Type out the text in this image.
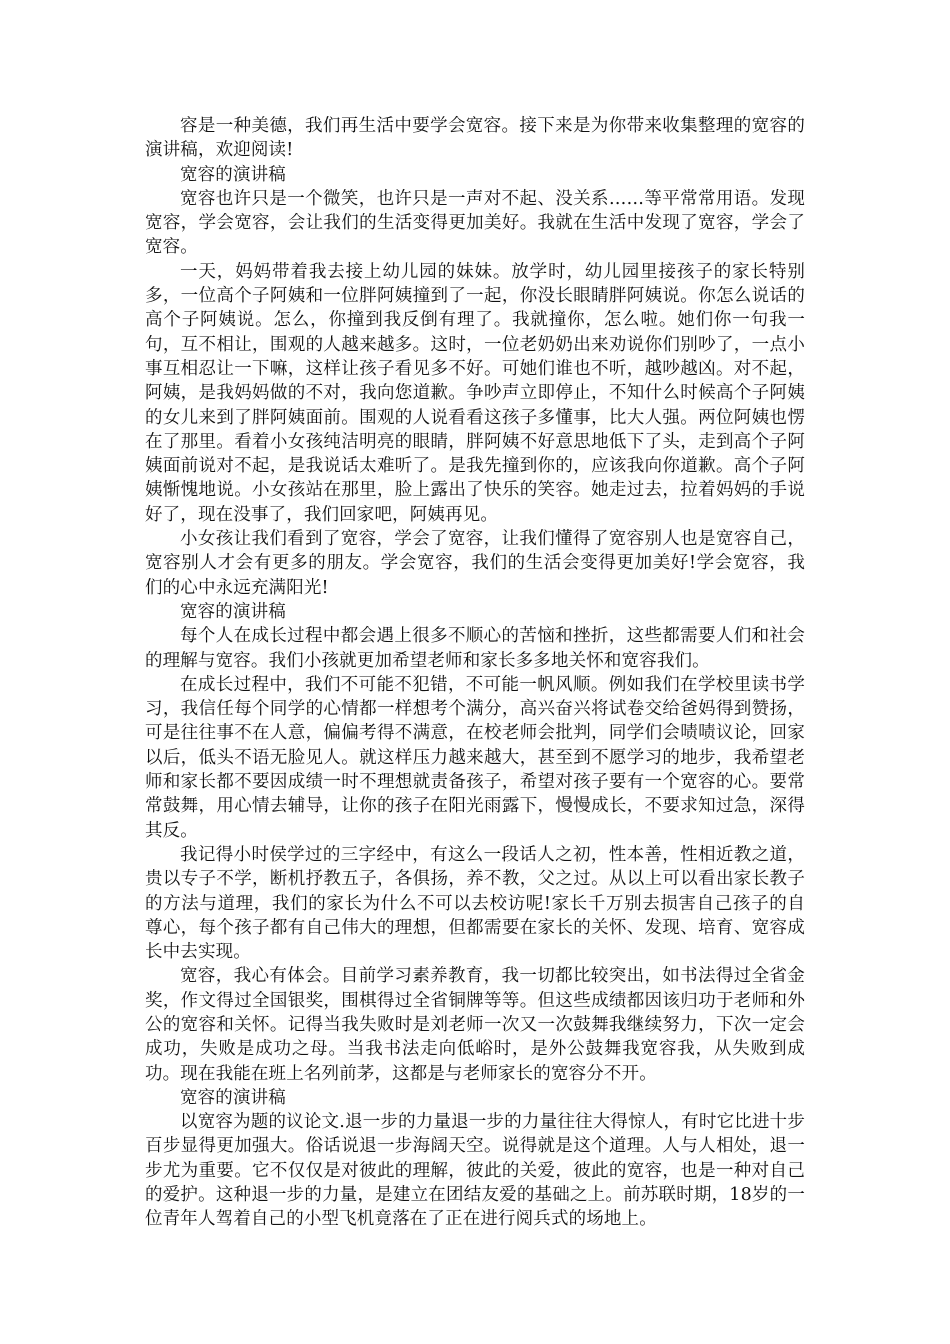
容是一种美德，我们再生活中要学会宽容。接下来是为你带来收集整理的宽容的演讲稿，欢迎阅读!

宽容的演讲稿

宽容也许只是一个微笑，也许只是一声对不起、没关系……等平常常用语。发现宽容，学会宽容，会让我们的生活变得更加美好。我就在生活中发现了宽容，学会了宽容。

一天，妈妈带着我去接上幼儿园的妹妹。放学时，幼儿园里接孩子的家长特别多，一位高个子阿姨和一位胖阿姨撞到了一起，你没长眼睛胖阿姨说。你怎么说话的高个子阿姨说。怎么，你撞到我反倒有理了。我就撞你，怎么啦。她们你一句我一句，互不相让，围观的人越来越多。这时，一位老奶奶出来劝说你们别吵了，一点小事互相忍让一下嘛，这样让孩子看见多不好。可她们谁也不听，越吵越凶。对不起，阿姨，是我妈妈做的不对，我向您道歉。争吵声立即停止，不知什么时候高个子阿姨的女儿来到了胖阿姨面前。围观的人说看看这孩子多懂事，比大人强。两位阿姨也愣在了那里。看着小女孩纯洁明亮的眼睛，胖阿姨不好意思地低下了头，走到高个子阿姨面前说对不起，是我说话太难听了。是我先撞到你的，应该我向你道歉。高个子阿姨惭愧地说。小女孩站在那里，脸上露出了快乐的笑容。她走过去，拉着妈妈的手说好了，现在没事了，我们回家吧，阿姨再见。

小女孩让我们看到了宽容，学会了宽容，让我们懂得了宽容别人也是宽容自己，宽容别人才会有更多的朋友。学会宽容，我们的生活会变得更加美好!学会宽容，我们的心中永远充满阳光!

宽容的演讲稿

每个人在成长过程中都会遇上很多不顺心的苦恼和挫折，这些都需要人们和社会的理解与宽容。我们小孩就更加希望老师和家长多多地关怀和宽容我们。

在成长过程中，我们不可能不犯错，不可能一帆风顺。例如我们在学校里读书学习，我信任每个同学的心情都一样想考个满分，高兴奋兴将试卷交给爸妈得到赞扬，可是往往事不在人意，偏偏考得不满意，在校老师会批判，同学们会啧啧议论，回家以后，低头不语无脸见人。就这样压力越来越大，甚至到不愿学习的地步，我希望老师和家长都不要因成绩一时不理想就责备孩子，希望对孩子要有一个宽容的心。要常常鼓舞，用心情去辅导，让你的孩子在阳光雨露下，慢慢成长，不要求知过急，深得其反。

我记得小时侯学过的三字经中，有这么一段话人之初，性本善，性相近教之道，贵以专子不学，断机抒教五子，各俱扬，养不教，父之过。从以上可以看出家长教子的方法与道理，我们的家长为什么不可以去校访呢!家长千万别去损害自己孩子的自尊心，每个孩子都有自己伟大的理想，但都需要在家长的关怀、发现、培育、宽容成长中去实现。

宽容，我心有体会。目前学习素养教育，我一切都比较突出，如书法得过全省金奖，作文得过全国银奖，围棋得过全省铜牌等等。但这些成绩都因该归功于老师和外公的宽容和关怀。记得当我失败时是刘老师一次又一次鼓舞我继续努力，下次一定会成功，失败是成功之母。当我书法走向低峪时，是外公鼓舞我宽容我，从失败到成功。现在我能在班上名列前茅，这都是与老师家长的宽容分不开。

宽容的演讲稿

以宽容为题的议论文.退一步的力量退一步的力量往往大得惊人，有时它比进十步百步显得更加强大。俗话说退一步海阔天空。说得就是这个道理。人与人相处，退一步尤为重要。它不仅仅是对彼此的理解，彼此的关爱，彼此的宽容，也是一种对自己的爱护。这种退一步的力量，是建立在团结友爱的基础之上。前苏联时期，18岁的一位青年人驾着自己的小型飞机竟落在了正在进行阅兵式的场地上。
